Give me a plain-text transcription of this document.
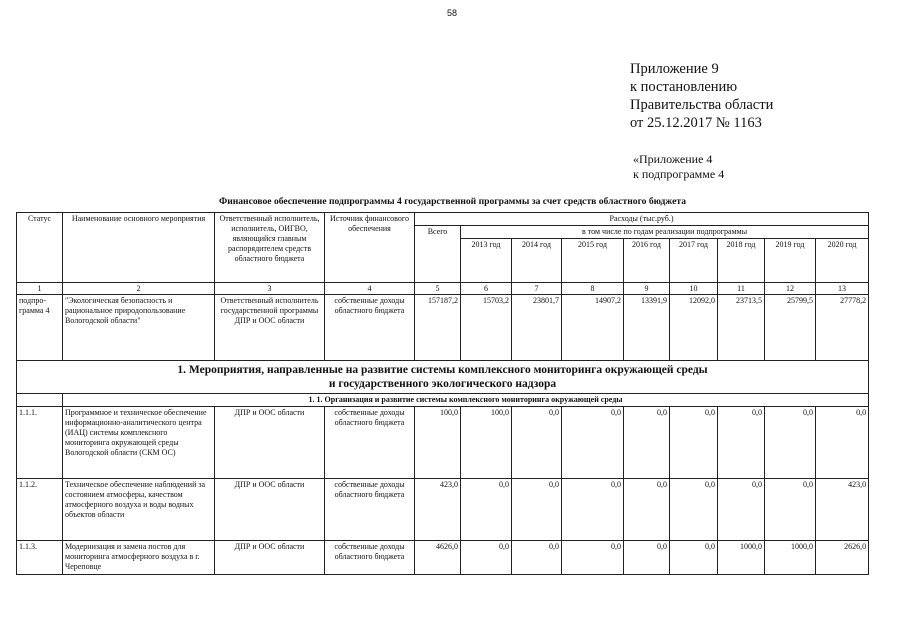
58
Приложение 9
к постановлению
Правительства области
от 25.12.2017 № 1163
«Приложение 4
к подпрограмме 4
Финансовое обеспечение подпрограммы 4 государственной программы за счет средств областного бюджета
Статус	Наименование основного мероприятия	Ответственный исполнитель, исполнитель, ОИГВО, являющийся главным распорядителем средств областного бюджета	Источник финансового обеспечения	Расходы (тыс.руб.)								
				Всего	в том числе по годам реализации подпрограммы							
					2013 год	2014 год	2015 год	2016 год	2017 год	2018 год	2019 год	2020 год
1	2	3	4	5	6	7	8	9	10	11	12	13
подпро-грамма 4	"Экологическая безопасность и рациональное природопользование Вологодской области"	Ответственный исполнитель государственной программы ДПР и ООС области	собственные доходы областного бюджета	157187,2	15703,2	23801,7	14907,2	13391,9	12092,0	23713,5	25799,5	27778,2

1. Мероприятия, направленные на развитие системы комплексного мониторинга окружающей среды
и государственного экологического надзора												

	1. 1. Организация и развитие системы комплексного мониторинга окружающей среды											
1.1.1.	Программное и техническое обеспечение информационно-аналитического центра (ИАЦ) системы комплексного мониторинга окружающей среды Вологодской области (СКМ ОС)	ДПР и ООС области	собственные доходы областного бюджета	100,0	100,0	0,0	0,0	0,0	0,0	0,0	0,0	0,0
1.1.2.	Техническое обеспечение наблюдений за состоянием атмосферы, качеством атмосферного воздуха и воды водных объектов области	ДПР и ООС области	собственные доходы областного бюджета	423,0	0,0	0,0	0,0	0,0	0,0	0,0	0,0	423,0
1.1.3.	Модернизация и замена постов для мониторинга атмосферного воздуха в г. Череповце	ДПР и ООС области	собственные доходы областного бюджета	4626,0	0,0	0,0	0,0	0,0	0,0	1000,0	1000,0	2626,0
